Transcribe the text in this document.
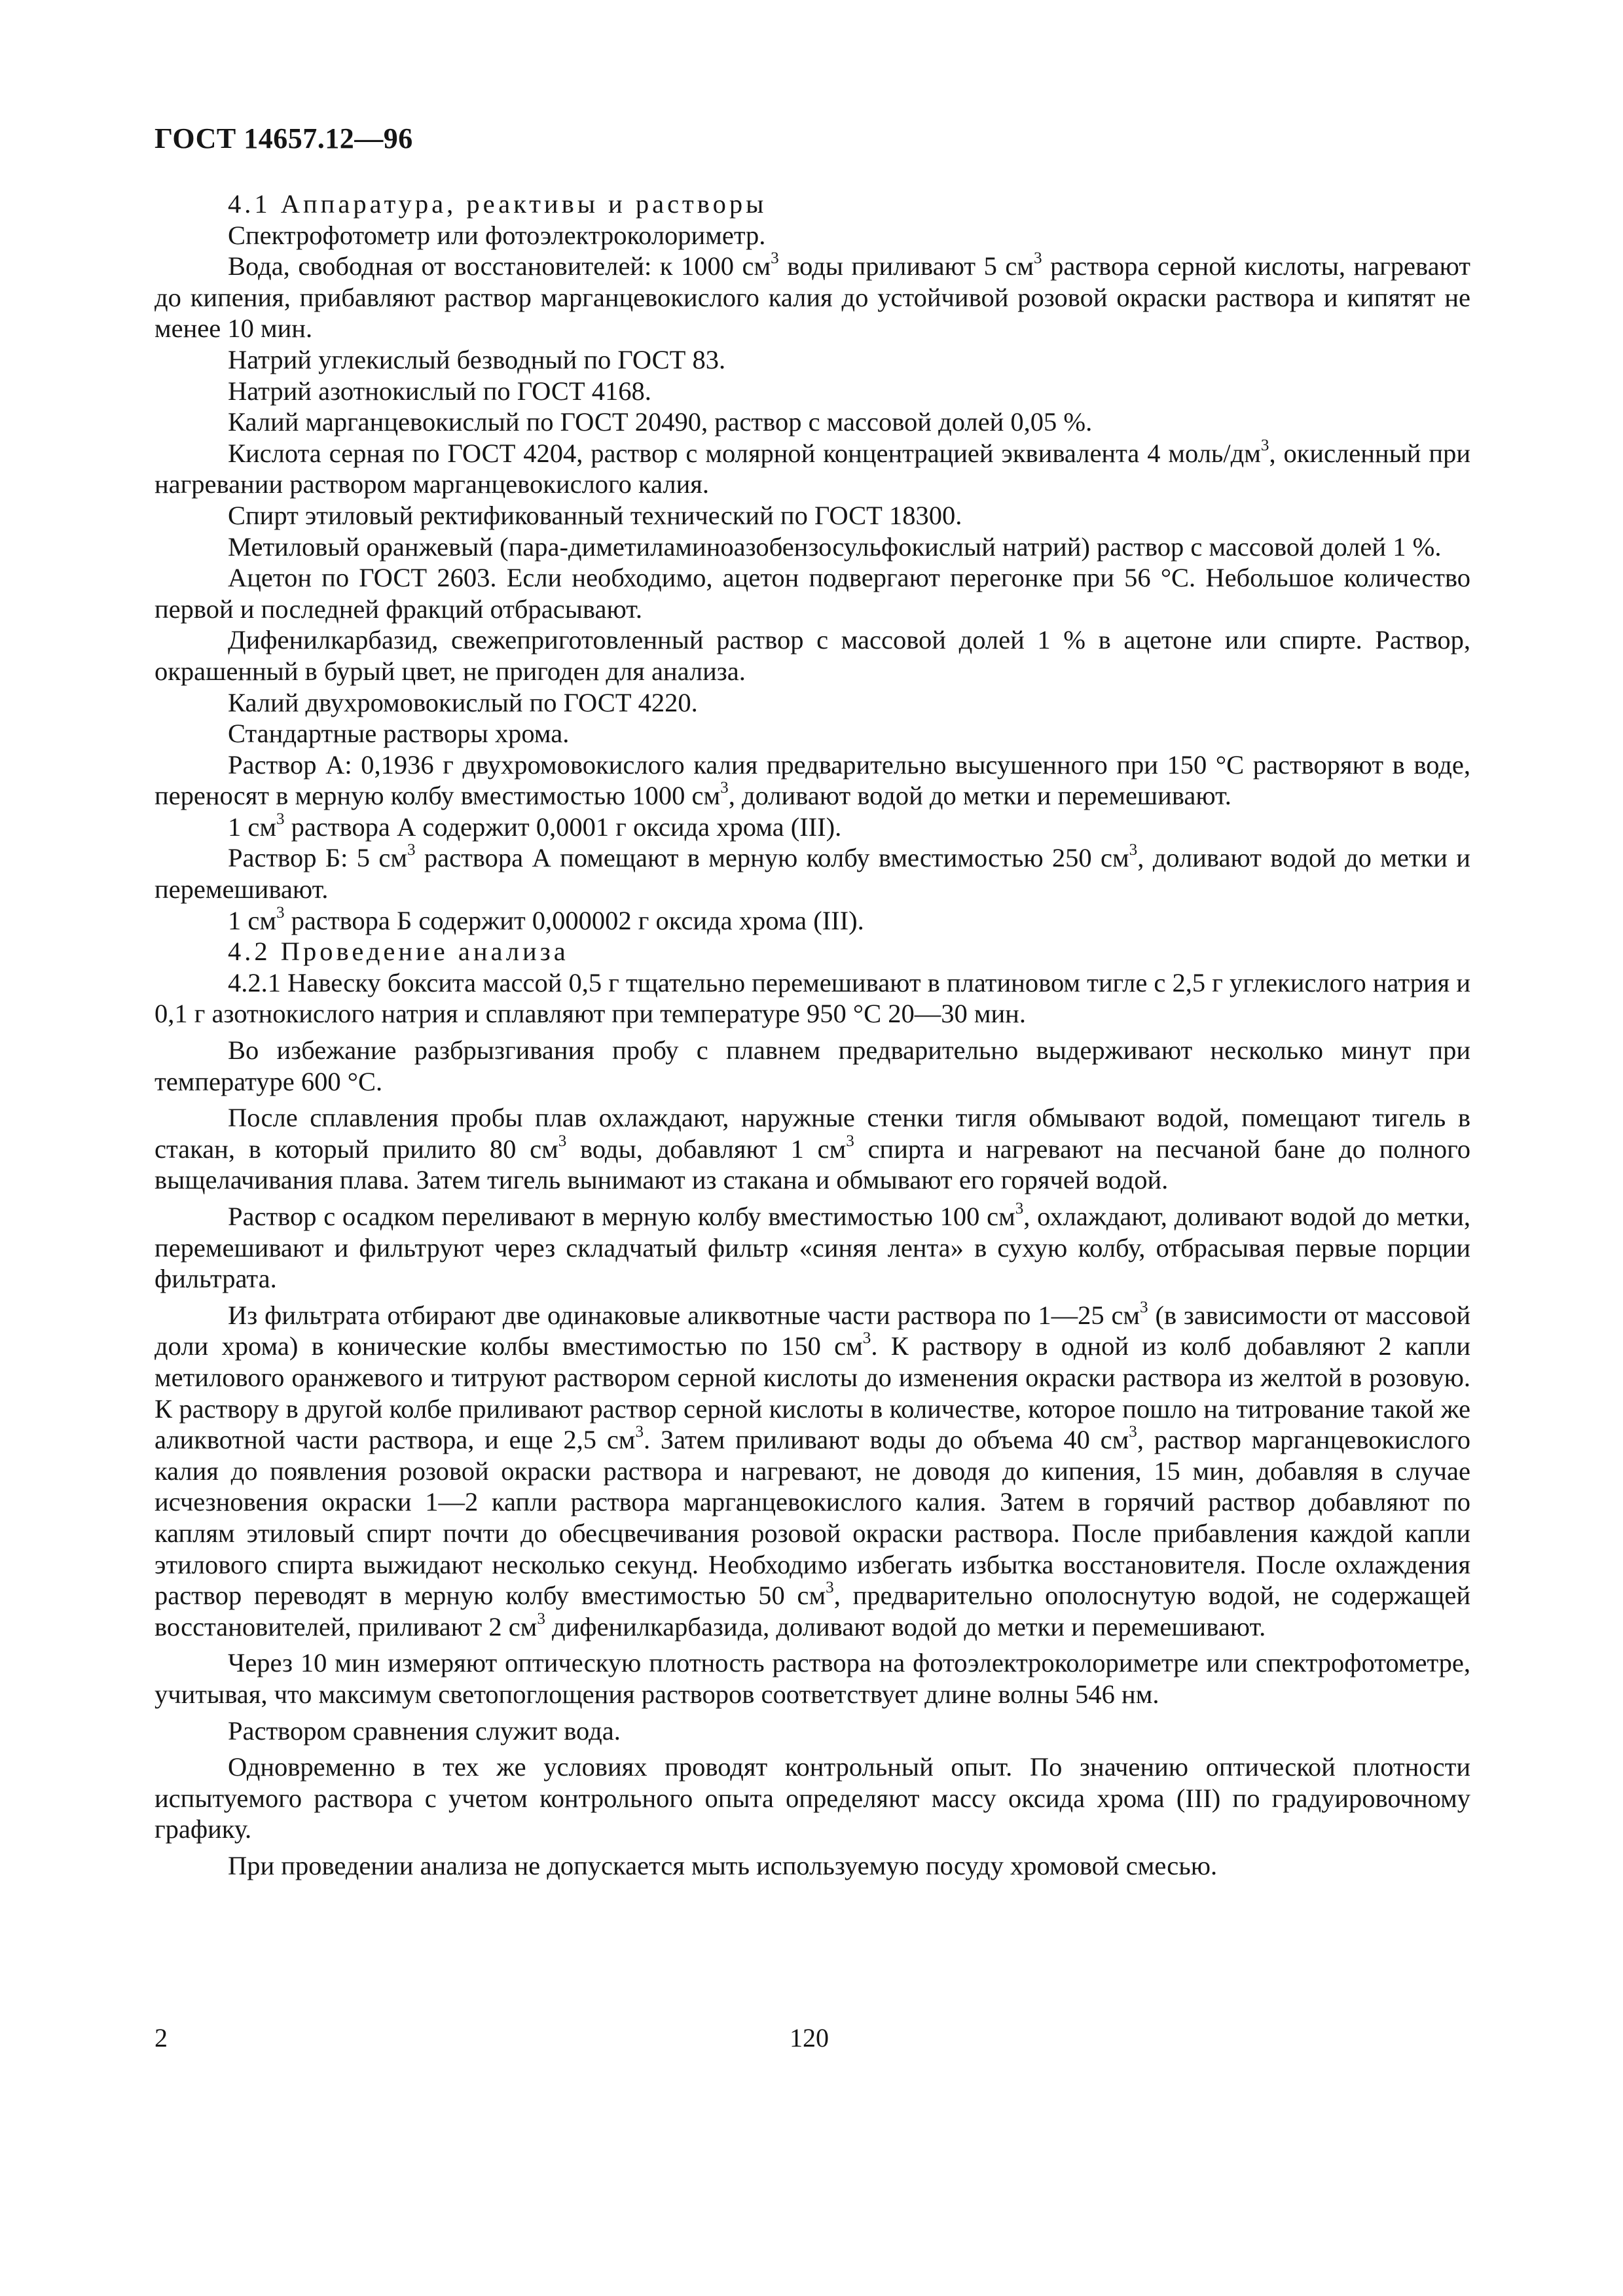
ГОСТ 14657.12—96

4.1 Аппаратура, реактивы и растворы

Спектрофотометр или фотоэлектроколориметр.

Вода, свободная от восстановителей: к 1000 $см^3$ воды приливают 5 $см^3$ раствора серной кислоты, нагревают до кипения, прибавляют раствор марганцевокислого калия до устойчивой розовой окраски раствора и кипятят не менее 10 мин.

Натрий углекислый безводный по ГОСТ 83.

Натрий азотнокислый по ГОСТ 4168.

Калий марганцевокислый по ГОСТ 20490, раствор с массовой долей 0,05 %.

Кислота серная по ГОСТ 4204, раствор с молярной концентрацией эквивалента 4 моль/$дм^3$, окисленный при нагревании раствором марганцевокислого калия.

Спирт этиловый ректификованный технический по ГОСТ 18300.

Метиловый оранжевый (пара-диметиламиноазобензосульфокислый натрий) раствор с массовой долей 1 %.

Ацетон по ГОСТ 2603. Если необходимо, ацетон подвергают перегонке при 56 °С. Небольшое количество первой и последней фракций отбрасывают.

Дифенилкарбазид, свежеприготовленный раствор с массовой долей 1 % в ацетоне или спирте. Раствор, окрашенный в бурый цвет, не пригоден для анализа.

Калий двухромовокислый по ГОСТ 4220.

Стандартные растворы хрома.

Раствор А: 0,1936 г двухромовокислого калия предварительно высушенного при 150 °С растворяют в воде, переносят в мерную колбу вместимостью 1000 $см^3$, доливают водой до метки и перемешивают.

1 $см^3$ раствора А содержит 0,0001 г оксида хрома (III).

Раствор Б: 5 $см^3$ раствора А помещают в мерную колбу вместимостью 250 $см^3$, доливают водой до метки и перемешивают.

1 $см^3$ раствора Б содержит 0,000002 г оксида хрома (III).

4.2 Проведение анализа

4.2.1 Навеску боксита массой 0,5 г тщательно перемешивают в платиновом тигле с 2,5 г углекислого натрия и 0,1 г азотнокислого натрия и сплавляют при температуре 950 °С 20—30 мин.

Во избежание разбрызгивания пробу с плавнем предварительно выдерживают несколько минут при температуре 600 °С.

После сплавления пробы плав охлаждают, наружные стенки тигля обмывают водой, помещают тигель в стакан, в который прилито 80 $см^3$ воды, добавляют 1 $см^3$ спирта и нагревают на песчаной бане до полного выщелачивания плава. Затем тигель вынимают из стакана и обмывают его горячей водой.

Раствор с осадком переливают в мерную колбу вместимостью 100 $см^3$, охлаждают, доливают водой до метки, перемешивают и фильтруют через складчатый фильтр «синяя лента» в сухую колбу, отбрасывая первые порции фильтрата.

Из фильтрата отбирают две одинаковые аликвотные части раствора по 1—25 $см^3$ (в зависимости от массовой доли хрома) в конические колбы вместимостью по 150 $см^3$. К раствору в одной из колб добавляют 2 капли метилового оранжевого и титруют раствором серной кислоты до изменения окраски раствора из желтой в розовую. К раствору в другой колбе приливают раствор серной кислоты в количестве, которое пошло на титрование такой же аликвотной части раствора, и еще 2,5 $см^3$. Затем приливают воды до объема 40 $см^3$, раствор марганцевокислого калия до появления розовой окраски раствора и нагревают, не доводя до кипения, 15 мин, добавляя в случае исчезновения окраски 1—2 капли раствора марганцевокислого калия. Затем в горячий раствор добавляют по каплям этиловый спирт почти до обесцвечивания розовой окраски раствора. После прибавления каждой капли этилового спирта выжидают несколько секунд. Необходимо избегать избытка восстановителя. После охлаждения раствор переводят в мерную колбу вместимостью 50 $см^3$, предварительно ополоснутую водой, не содержащей восстановителей, приливают 2 $см^3$ дифенилкарбазида, доливают водой до метки и перемешивают.

Через 10 мин измеряют оптическую плотность раствора на фотоэлектроколориметре или спектрофотометре, учитывая, что максимум светопоглощения растворов соответствует длине волны 546 нм.

Раствором сравнения служит вода.

Одновременно в тех же условиях проводят контрольный опыт. По значению оптической плотности испытуемого раствора с учетом контрольного опыта определяют массу оксида хрома (III) по градуировочному графику.

При проведении анализа не допускается мыть используемую посуду хромовой смесью.

2	120
